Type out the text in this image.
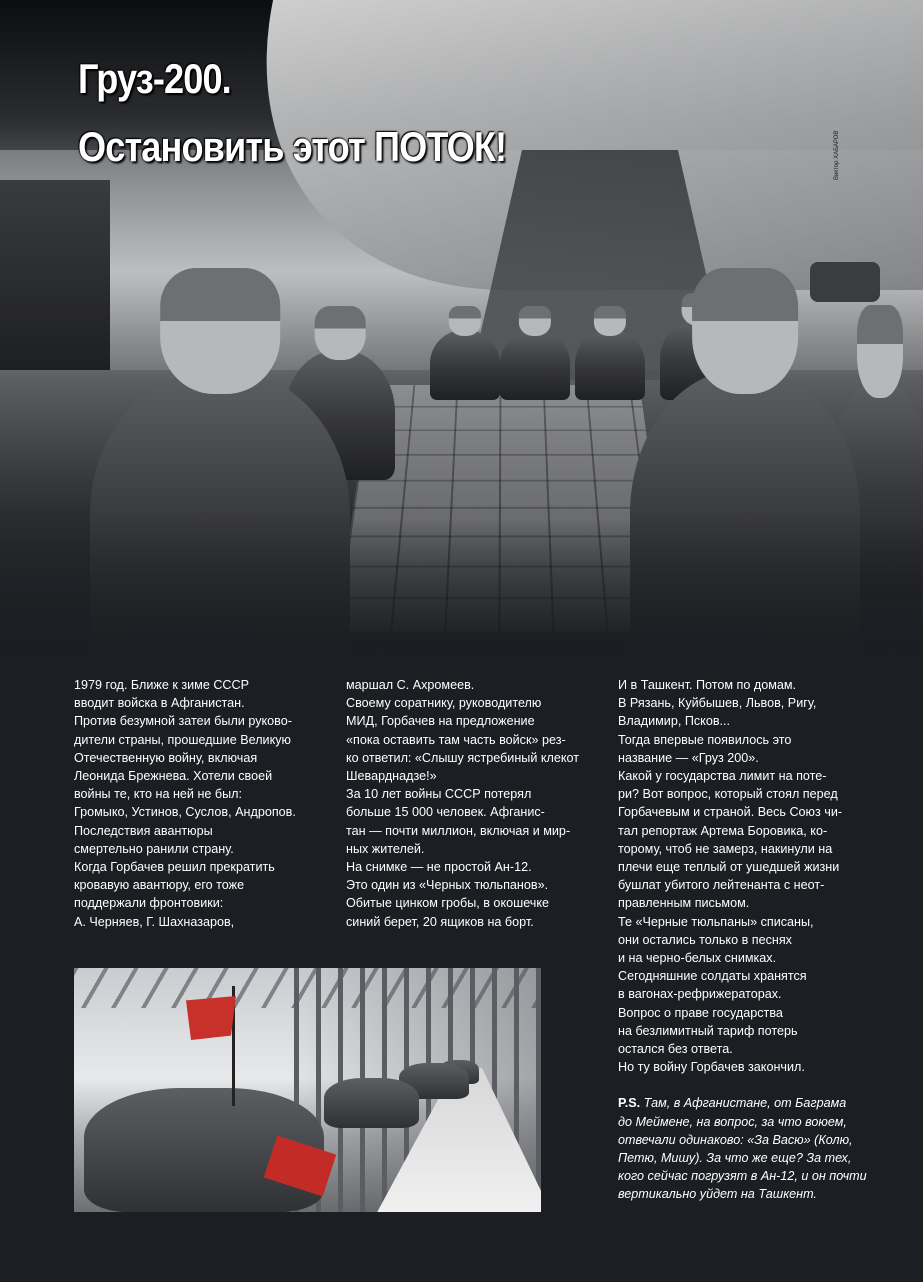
Груз-200.
Остановить этот ПОТОК!	Виктор ХАБАРОВ

1979 год. Ближе к зиме СССР

вводит войска в Афганистан.

Против безумной затеи были руково-

дители страны, прошедшие Великую

Отечественную войну, включая

Леонида Брежнева. Хотели своей

войны те, кто на ней не был:

Громыко, Устинов, Суслов, Андропов.

Последствия авантюры

смертельно ранили страну.

Когда Горбачев решил прекратить

кровавую авантюру, его тоже

поддержали фронтовики:

А. Черняев, Г. Шахназаров,

маршал С. Ахромеев.

Своему соратнику, руководителю

МИД, Горбачев на предложение

«пока оставить там часть войск» рез-

ко ответил: «Слышу ястребиный клекот

Шеварднадзе!»

За 10 лет войны СССР потерял

больше 15 000 человек. Афганис-

тан — почти миллион, включая и мир-

ных жителей.

На снимке — не простой Ан-12.

Это один из «Черных тюльпанов».

Обитые цинком гробы, в окошечке

синий берет, 20 ящиков на борт.

И в Ташкент. Потом по домам.

В Рязань, Куйбышев, Львов, Ригу,

Владимир, Псков...

Тогда впервые появилось это

название — «Груз 200».

Какой у государства лимит на поте-

ри? Вот вопрос, который стоял перед

Горбачевым и страной. Весь Союз чи-

тал репортаж Артема Боровика, ко-

торому, чтоб не замерз, накинули на

плечи еще теплый от ушедшей жизни

бушлат убитого лейтенанта с неот-

правленным письмом.

Те «Черные тюльпаны» списаны,

они остались только в песнях

и на черно-белых снимках.

Сегодняшние солдаты хранятся

в вагонах-рефрижераторах.

Вопрос о праве государства

на безлимитный тариф потерь

остался без ответа.

Но ту войну Горбачев закончил.

P.S. Там, в Афганистане, от Баграма

до Меймене, на вопрос, за что воюем,

отвечали одинаково: «За Васю» (Колю,

Петю, Мишу). За что же еще? За тех,

кого сейчас погрузят в Ан-12, и он почти

вертикально уйдет на Ташкент.
